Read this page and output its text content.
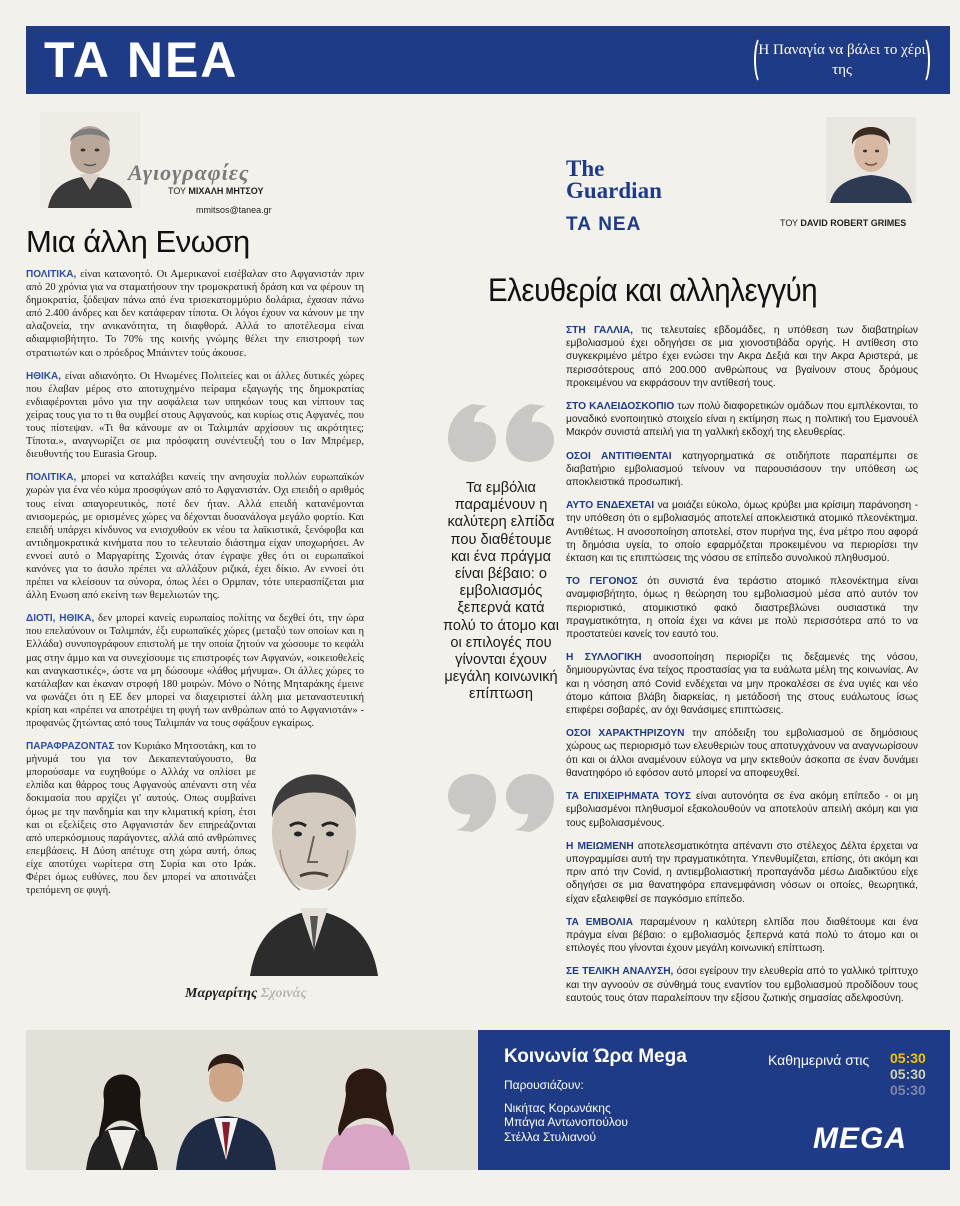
ΤΑ ΝΕΑ	Η Παναγία να βάλει το χέρι της
Αγιογραφίες
ΤΟΥ ΜΙΧΑΛΗ ΜΗΤΣΟΥ
mmitsos@tanea.gr
Μια άλλη Ενωση

ΠΟΛΙΤΙΚΑ, είναι κατανοητό. Οι Αμερικανοί εισέβαλαν στο Αφγανιστάν πριν από 20 χρόνια για να σταματήσουν την τρομοκρατική δράση και να φέρουν τη δημοκρατία, ξόδεψαν πάνω από ένα τρισεκατομμύριο δολάρια, έχασαν πάνω από 2.400 άνδρες και δεν κατάφεραν τίποτα. Οι λόγοι έχουν να κάνουν με την αλαζονεία, την ανικανότητα, τη διαφθορά. Αλλά το αποτέλεσμα είναι αδιαμφισβήτητο. Το 70% της κοινής γνώμης θέλει την επιστροφή των στρατιωτών και ο πρόεδρος Μπάιντεν τούς άκουσε.

ΗΘΙΚΑ, είναι αδιανόητο. Οι Ηνωμένες Πολιτείες και οι άλλες δυτικές χώρες που έλαβαν μέρος στο αποτυχημένο πείραμα εξαγωγής της δημοκρατίας ενδιαφέρονται μόνο για την ασφάλεια των υπηκόων τους και νίπτουν τας χείρας τους για το τι θα συμβεί στους Αφγανούς, και κυρίως στις Αφγανές, που τους πίστεψαν. «Τι θα κάνουμε αν οι Ταλιμπάν αρχίσουν τις ακρότητες; Τίποτα.», αναγνωρίζει σε μια πρόσφατη συνέντευξή του ο Ιαν Μπρέμερ, διευθυντής του Eurasia Group.

ΠΟΛΙΤΙΚΑ, μπορεί να καταλάβει κανείς την ανησυχία πολλών ευρωπαϊκών χωρών για ένα νέο κύμα προσφύγων από το Αφγανιστάν. Οχι επειδή ο αριθμός τους είναι απαγορευτικός, ποτέ δεν ήταν. Αλλά επειδή κατανέμονται ανισομερώς, με ορισμένες χώρες να δέχονται δυσανάλογα μεγάλο φορτίο. Και επειδή υπάρχει κίνδυνος να ενισχυθούν εκ νέου τα λαϊκιστικά, ξενόφοβα και αντιδημοκρατικά κινήματα που το τελευταίο διάστημα είχαν υποχωρήσει. Αν εννοεί αυτό ο Μαργαρίτης Σχοινάς όταν έγραψε χθες ότι οι ευρωπαϊκοί κανόνες για το άσυλο πρέπει να αλλάξουν ριζικά, έχει δίκιο. Αν εννοεί ότι πρέπει να κλείσουν τα σύνορα, όπως λέει ο Ορμπαν, τότε υπερασπίζεται μια άλλη Ενωση από εκείνη των θεμελιωτών της.

ΔΙΟΤΙ, ΗΘΙΚΑ, δεν μπορεί κανείς ευρωπαίος πολίτης να δεχθεί ότι, την ώρα που επελαύνουν οι Ταλιμπάν, έξι ευρωπαϊκές χώρες (μεταξύ των οποίων και η Ελλάδα) συνυπογράφουν επιστολή με την οποία ζητούν να χώσουμε το κεφάλι μας στην άμμο και να συνεχίσουμε τις επιστροφές των Αφγανών, «οικειοθελείς και αναγκαστικές», ώστε να μη δώσουμε «λάθος μήνυμα». Οι άλλες χώρες το κατάλαβαν και έκαναν στροφή 180 μοιρών. Μόνο ο Νότης Μηταράκης έμεινε να φωνάζει ότι η ΕΕ δεν μπορεί να διαχειριστεί άλλη μια μεταναστευτική κρίση και «πρέπει να αποτρέψει τη φυγή των ανθρώπων από το Αφγανιστάν» - προφανώς ζητώντας από τους Ταλιμπάν να τους σφάξουν εγκαίρως.

ΠΑΡΑΦΡΑΖΟΝΤΑΣ τον Κυριάκο Μητσοτάκη, και το μήνυμά του για τον Δεκαπενταύγουστο, θα μπορούσαμε να ευχηθούμε ο Αλλάχ να οπλίσει με ελπίδα και θάρρος τους Αφγανούς απέναντι στη νέα δοκιμασία που αρχίζει γι' αυτούς. Οπως συμβαίνει όμως με την πανδημία και την κλιματική κρίση, έτσι και οι εξελίξεις στο Αφγανιστάν δεν επηρεάζονται από υπερκόσμιους παράγοντες, αλλά από ανθρώπινες επεμβάσεις. Η Δύση απέτυχε στη χώρα αυτή, όπως είχε αποτύχει νωρίτερα στη Συρία και στο Ιράκ. Φέρει όμως ευθύνες, που δεν μπορεί να αποτινάξει τρεπόμενη σε φυγή.

Μαργαρίτης Σχοινάς
The
Guardian
ΤΑ ΝΕΑ	ΤΟΥ DAVID ROBERT GRIMES
Ελευθερία και αλληλεγγύη
Τα εμβόλια παραμένουν η καλύτερη ελπίδα που διαθέτουμε και ένα πράγμα είναι βέβαιο: ο εμβολιασμός ξεπερνά κατά πολύ το άτομο και οι επιλογές που γίνονται έχουν μεγάλη κοινωνική επίπτωση

ΣΤΗ ΓΑΛΛΙΑ, τις τελευταίες εβδομάδες, η υπόθεση των διαβατηρίων εμβολιασμού έχει οδηγήσει σε μια χιονοστιβάδα οργής. Η αντίθεση στο συγκεκριμένο μέτρο έχει ενώσει την Ακρα Δεξιά και την Ακρα Αριστερά, με περισσότερους από 200.000 ανθρώπους να βγαίνουν στους δρόμους προκειμένου να εκφράσουν την αντίθεσή τους.

ΣΤΟ ΚΑΛΕΙΔΟΣΚΟΠΙΟ των πολύ διαφορετικών ομάδων που εμπλέκονται, το μοναδικό ενοποιητικό στοιχείο είναι η εκτίμηση πως η πολιτική του Εμανουέλ Μακρόν συνιστά απειλή για τη γαλλική εκδοχή της ελευθερίας.

ΟΣΟΙ ΑΝΤΙΤΙΘΕΝΤΑΙ κατηγορηματικά σε οτιδήποτε παραπέμπει σε διαβατήριο εμβολιασμού τείνουν να παρουσιάσουν την υπόθεση ως αποκλειστικά προσωπική.

ΑΥΤΟ ΕΝΔΕΧΕΤΑΙ να μοιάζει εύκολο, όμως κρύβει μια κρίσιμη παράνοηση - την υπόθεση ότι ο εμβολιασμός αποτελεί αποκλειστικά ατομικό πλεονέκτημα. Αντιθέτως. Η ανοσοποίηση αποτελεί, στον πυρήνα της, ένα μέτρο που αφορά τη δημόσια υγεία, το οποίο εφαρμόζεται προκειμένου να περιορίσει την έκταση και τις επιπτώσεις της νόσου σε επίπεδο συνολικού πληθυσμού.

ΤΟ ΓΕΓΟΝΟΣ ότι συνιστά ένα τεράστιο ατομικό πλεονέκτημα είναι αναμφισβήτητο, όμως η θεώρηση του εμβολιασμού μέσα από αυτόν τον περιοριστικό, ατομικιστικό φακό διαστρεβλώνει ουσιαστικά την πραγματικότητα, η οποία έχει να κάνει με πολύ περισσότερα από το να προστατεύει κανείς τον εαυτό του.

Η ΣΥΛΛΟΓΙΚΗ ανοσοποίηση περιορίζει τις δεξαμενές της νόσου, δημιουργώντας ένα τείχος προστασίας για τα ευάλωτα μέλη της κοινωνίας. Αν και η νόσηση από Covid ενδέχεται να μην προκαλέσει σε ένα υγιές και νέο άτομο κάποια βλάβη διαρκείας, η μετάδοσή της στους ευάλωτους ίσως επιφέρει σοβαρές, αν όχι θανάσιμες επιπτώσεις.

ΟΣΟΙ ΧΑΡΑΚΤΗΡΙΖΟΥΝ την απόδειξη του εμβολιασμού σε δημόσιους χώρους ως περιορισμό των ελευθεριών τους αποτυγχάνουν να αναγνωρίσουν ότι και οι άλλοι αναμένουν εύλογα να μην εκτεθούν άσκοπα σε έναν δυνάμει θανατηφόρο ιό εφόσον αυτό μπορεί να αποφευχθεί.

ΤΑ ΕΠΙΧΕΙΡΗΜΑΤΑ ΤΟΥΣ είναι αυτονόητα σε ένα ακόμη επίπεδο - οι μη εμβολιασμένοι πληθυσμοί εξακολουθούν να αποτελούν απειλή ακόμη και για τους εμβολιασμένους.

Η ΜΕΙΩΜΕΝΗ αποτελεσματικότητα απέναντι στο στέλεχος Δέλτα έρχεται να υπογραμμίσει αυτή την πραγματικότητα. Υπενθυμίζεται, επίσης, ότι ακόμη και πριν από την Covid, η αντιεμβολιαστική προπαγάνδα μέσω Διαδικτύου είχε οδηγήσει σε μια θανατηφόρα επανεμφάνιση νόσων οι οποίες, θεωρητικά, είχαν εξαλειφθεί σε παγκόσμιο επίπεδο.

ΤΑ ΕΜΒΟΛΙΑ παραμένουν η καλύτερη ελπίδα που διαθέτουμε και ένα πράγμα είναι βέβαιο: ο εμβολιασμός ξεπερνά κατά πολύ το άτομο και οι επιλογές που γίνονται έχουν μεγάλη κοινωνική επίπτωση.

ΣΕ ΤΕΛΙΚΗ ΑΝΑΛΥΣΗ, όσοι εγείρουν την ελευθερία από το γαλλικό τρίπτυχο και την αγνοούν σε σύνθημά τους εναντίον του εμβολιασμού προδίδουν τους εαυτούς τους όταν παραλείπουν την εξίσου ζωτικής σημασίας αδελφοσύνη.

Κοινωνία Ώρα Mega	Καθημερινά στις 05:30
05:30
05:30
Παρουσιάζουν:
Νικήτας Κορωνάκης
Μπάγια Αντωνοπούλου
Στέλλα Στυλιανού	MEGA
